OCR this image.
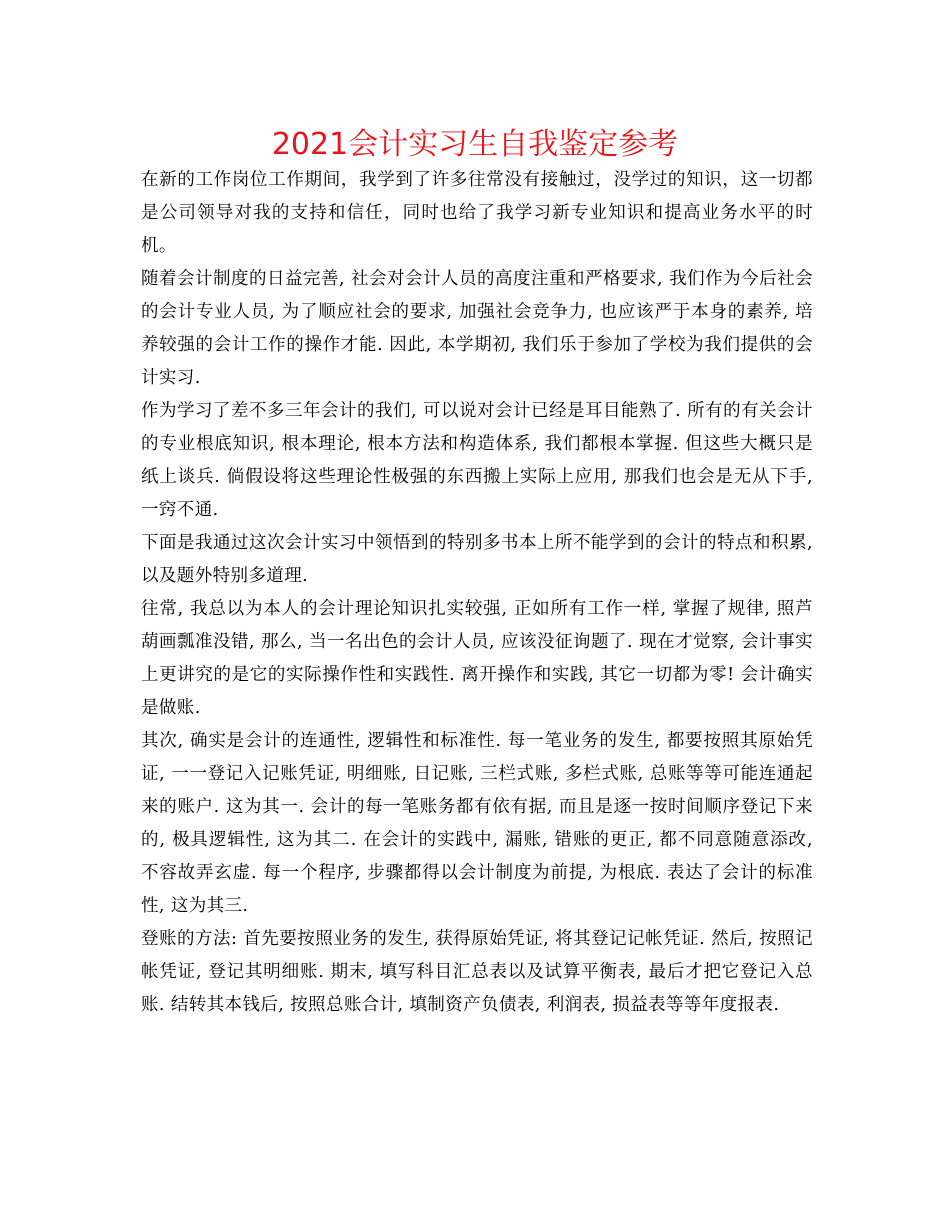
2021会计实习生自我鉴定参考

在新的工作岗位工作期间，我学到了许多往常没有接触过，没学过的知识，这一切都是公司领导对我的支持和信任，同时也给了我学习新专业知识和提高业务水平的时机。

随着会计制度的日益完善, 社会对会计人员的高度注重和严格要求, 我们作为今后社会的会计专业人员, 为了顺应社会的要求, 加强社会竞争力, 也应该严于本身的素养, 培养较强的会计工作的操作才能. 因此, 本学期初, 我们乐于参加了学校为我们提供的会计实习.

作为学习了差不多三年会计的我们, 可以说对会计已经是耳目能熟了. 所有的有关会计的专业根底知识, 根本理论, 根本方法和构造体系, 我们都根本掌握. 但这些大概只是纸上谈兵. 倘假设将这些理论性极强的东西搬上实际上应用, 那我们也会是无从下手, 一窍不通.

下面是我通过这次会计实习中领悟到的特别多书本上所不能学到的会计的特点和积累, 以及题外特别多道理.

往常, 我总以为本人的会计理论知识扎实较强, 正如所有工作一样, 掌握了规律, 照芦葫画瓢准没错, 那么, 当一名出色的会计人员, 应该没征询题了. 现在才觉察, 会计事实上更讲究的是它的实际操作性和实践性. 离开操作和实践, 其它一切都为零! 会计确实是做账.

其次, 确实是会计的连通性, 逻辑性和标准性. 每一笔业务的发生, 都要按照其原始凭证, 一一登记入记账凭证, 明细账, 日记账, 三栏式账, 多栏式账, 总账等等可能连通起来的账户. 这为其一. 会计的每一笔账务都有依有据, 而且是逐一按时间顺序登记下来的, 极具逻辑性, 这为其二. 在会计的实践中, 漏账, 错账的更正, 都不同意随意添改, 不容故弄玄虚. 每一个程序, 步骤都得以会计制度为前提, 为根底. 表达了会计的标准性, 这为其三.

登账的方法: 首先要按照业务的发生, 获得原始凭证, 将其登记记帐凭证. 然后, 按照记帐凭证, 登记其明细账. 期末, 填写科目汇总表以及试算平衡表, 最后才把它登记入总账. 结转其本钱后, 按照总账合计, 填制资产负债表, 利润表, 损益表等等年度报表.
